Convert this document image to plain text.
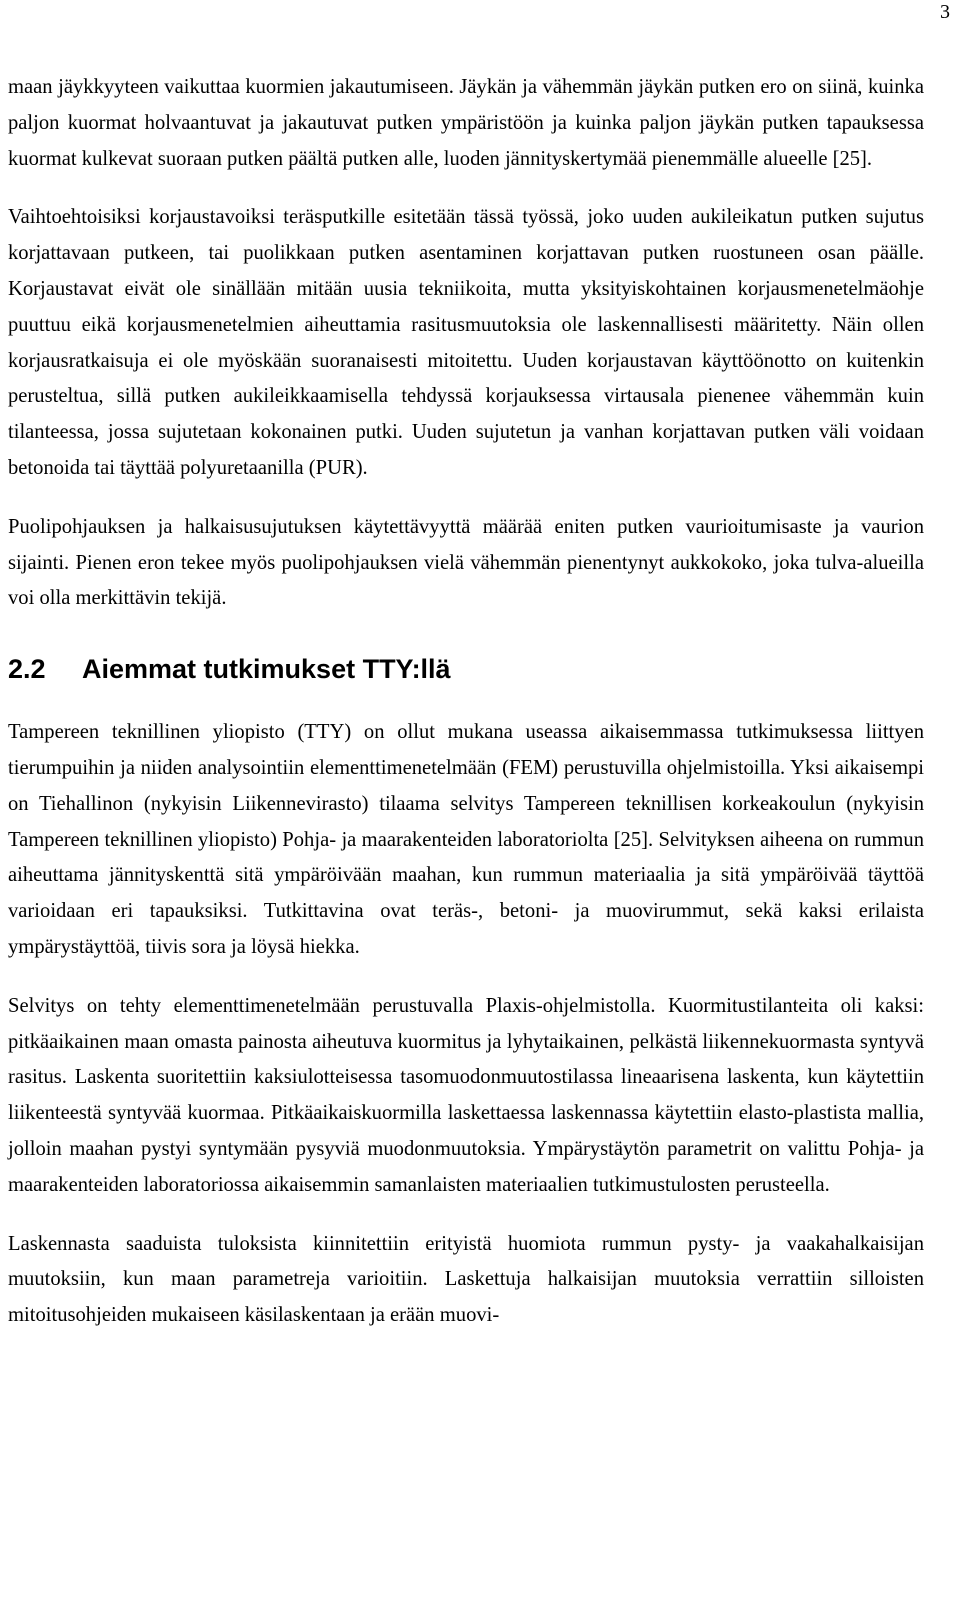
3

maan jäykkyyteen vaikuttaa kuormien jakautumiseen. Jäykän ja vähemmän jäykän putken ero on siinä, kuinka paljon kuormat holvaantuvat ja jakautuvat putken ympäristöön ja kuinka paljon jäykän putken tapauksessa kuormat kulkevat suoraan putken päältä putken alle, luoden jännityskertymää pienemmälle alueelle [25].

Vaihtoehtoisiksi korjaustavoiksi teräsputkille esitetään tässä työssä, joko uuden aukileikatun putken sujutus korjattavaan putkeen, tai puolikkaan putken asentaminen korjattavan putken ruostuneen osan päälle. Korjaustavat eivät ole sinällään mitään uusia tekniikoita, mutta yksityiskohtainen korjausmenetelmäohje puuttuu eikä korjausmenetelmien aiheuttamia rasitusmuutoksia ole laskennallisesti määritetty. Näin ollen korjausratkaisuja ei ole myöskään suoranaisesti mitoitettu. Uuden korjaustavan käyttöönotto on kuitenkin perusteltua, sillä putken aukileikkaamisella tehdyssä korjauksessa virtausala pienenee vähemmän kuin tilanteessa, jossa sujutetaan kokonainen putki. Uuden sujutetun ja vanhan korjattavan putken väli voidaan betonoida tai täyttää polyuretaanilla (PUR).

Puolipohjauksen ja halkaisusujutuksen käytettävyyttä määrää eniten putken vaurioitumisaste ja vaurion sijainti. Pienen eron tekee myös puolipohjauksen vielä vähemmän pienentynyt aukkokoko, joka tulva-alueilla voi olla merkittävin tekijä.

2.2	Aiemmat tutkimukset TTY:llä

Tampereen teknillinen yliopisto (TTY) on ollut mukana useassa aikaisemmassa tutkimuksessa liittyen tierumpuihin ja niiden analysointiin elementtimenetelmään (FEM) perustuvilla ohjelmistoilla. Yksi aikaisempi on Tiehallinon (nykyisin Liikennevirasto) tilaama selvitys Tampereen teknillisen korkeakoulun (nykyisin Tampereen teknillinen yliopisto) Pohja- ja maarakenteiden laboratoriolta [25]. Selvityksen aiheena on rummun aiheuttama jännityskenttä sitä ympäröivään maahan, kun rummun materiaalia ja sitä ympäröivää täyttöä varioidaan eri tapauksiksi. Tutkittavina ovat teräs-, betoni- ja muovirummut, sekä kaksi erilaista ympärystäyttöä, tiivis sora ja löysä hiekka.

Selvitys on tehty elementtimenetelmään perustuvalla Plaxis-ohjelmistolla. Kuormitustilanteita oli kaksi: pitkäaikainen maan omasta painosta aiheutuva kuormitus ja lyhytaikainen, pelkästä liikennekuormasta syntyvä rasitus. Laskenta suoritettiin kaksiulotteisessa tasomuodonmuutostilassa lineaarisena laskenta, kun käytettiin liikenteestä syntyvää kuormaa. Pitkäaikaiskuormilla laskettaessa laskennassa käytettiin elasto-plastista mallia, jolloin maahan pystyi syntymään pysyviä muodonmuutoksia. Ympärystäytön parametrit on valittu Pohja- ja maarakenteiden laboratoriossa aikaisemmin samanlaisten materiaalien tutkimustulosten perusteella.

Laskennasta saaduista tuloksista kiinnitettiin erityistä huomiota rummun pysty- ja vaakahalkaisijan muutoksiin, kun maan parametreja varioitiin. Laskettuja halkaisijan muutoksia verrattiin silloisten mitoitusohjeiden mukaiseen käsilaskentaan ja erään muovi-
